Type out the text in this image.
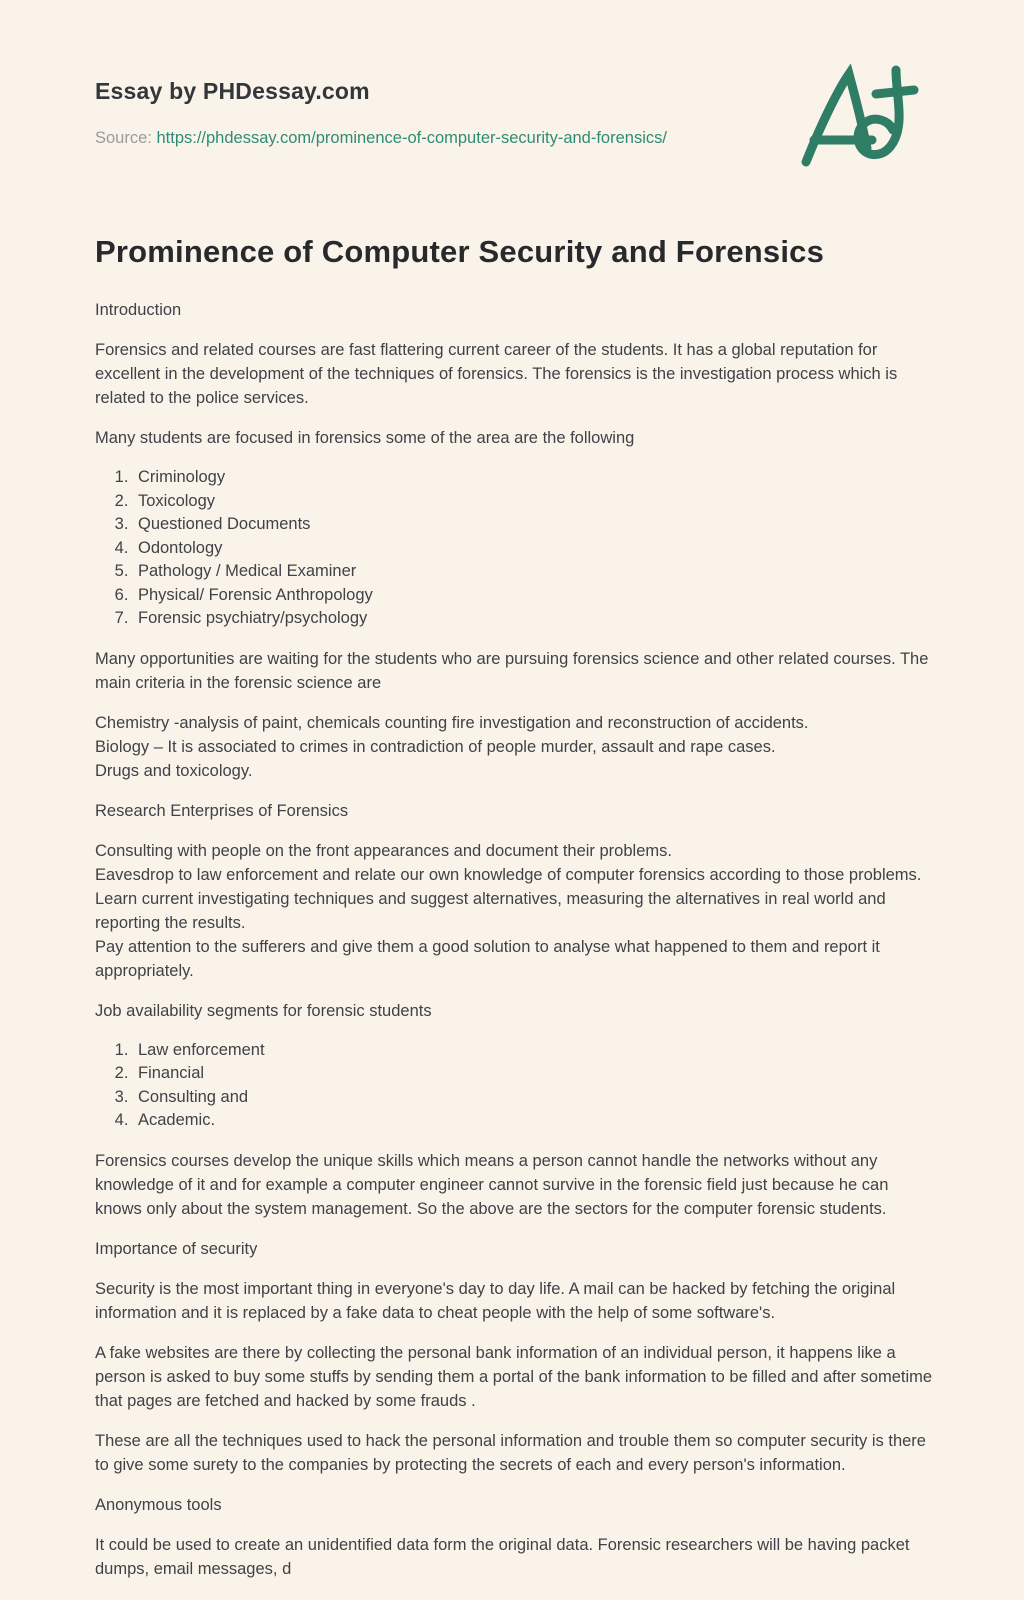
Essay by PHDessay.com

Source: https://phdessay.com/prominence-of-computer-security-and-forensics/

Prominence of Computer Security and Forensics

Introduction

Forensics and related courses are fast flattering current career of the students. It has a global reputation for excellent in the development of the techniques of forensics. The forensics is the investigation process which is related to the police services.

Many students are focused in forensics some of the area are the following

1. Criminology
2. Toxicology
3. Questioned Documents
4. Odontology
5. Pathology / Medical Examiner
6. Physical/ Forensic Anthropology
7. Forensic psychiatry/psychology

Many opportunities are waiting for the students who are pursuing forensics science and other related courses. The main criteria in the forensic science are

Chemistry -analysis of paint, chemicals counting fire investigation and reconstruction of accidents.
Biology – It is associated to crimes in contradiction of people murder, assault and rape cases.
Drugs and toxicology.

Research Enterprises of Forensics

Consulting with people on the front appearances and document their problems.
Eavesdrop to law enforcement and relate our own knowledge of computer forensics according to those problems.
Learn current investigating techniques and suggest alternatives, measuring the alternatives in real world and reporting the results.
Pay attention to the sufferers and give them a good solution to analyse what happened to them and report it appropriately.

Job availability segments for forensic students

1. Law enforcement
2. Financial
3. Consulting and
4. Academic.

Forensics courses develop the unique skills which means a person cannot handle the networks without any knowledge of it and for example a computer engineer cannot survive in the forensic field just because he can knows only about the system management. So the above are the sectors for the computer forensic students.

Importance of security

Security is the most important thing in everyone's day to day life. A mail can be hacked by fetching the original information and it is replaced by a fake data to cheat people with the help of some software's.

A fake websites are there by collecting the personal bank information of an individual person, it happens like a person is asked to buy some stuffs by sending them a portal of the bank information to be filled and after sometime that pages are fetched and hacked by some frauds .

These are all the techniques used to hack the personal information and trouble them so computer security is there to give some surety to the companies by protecting the secrets of each and every person's information.

Anonymous tools

It could be used to create an unidentified data form the original data. Forensic researchers will be having packet dumps, email messages, d
